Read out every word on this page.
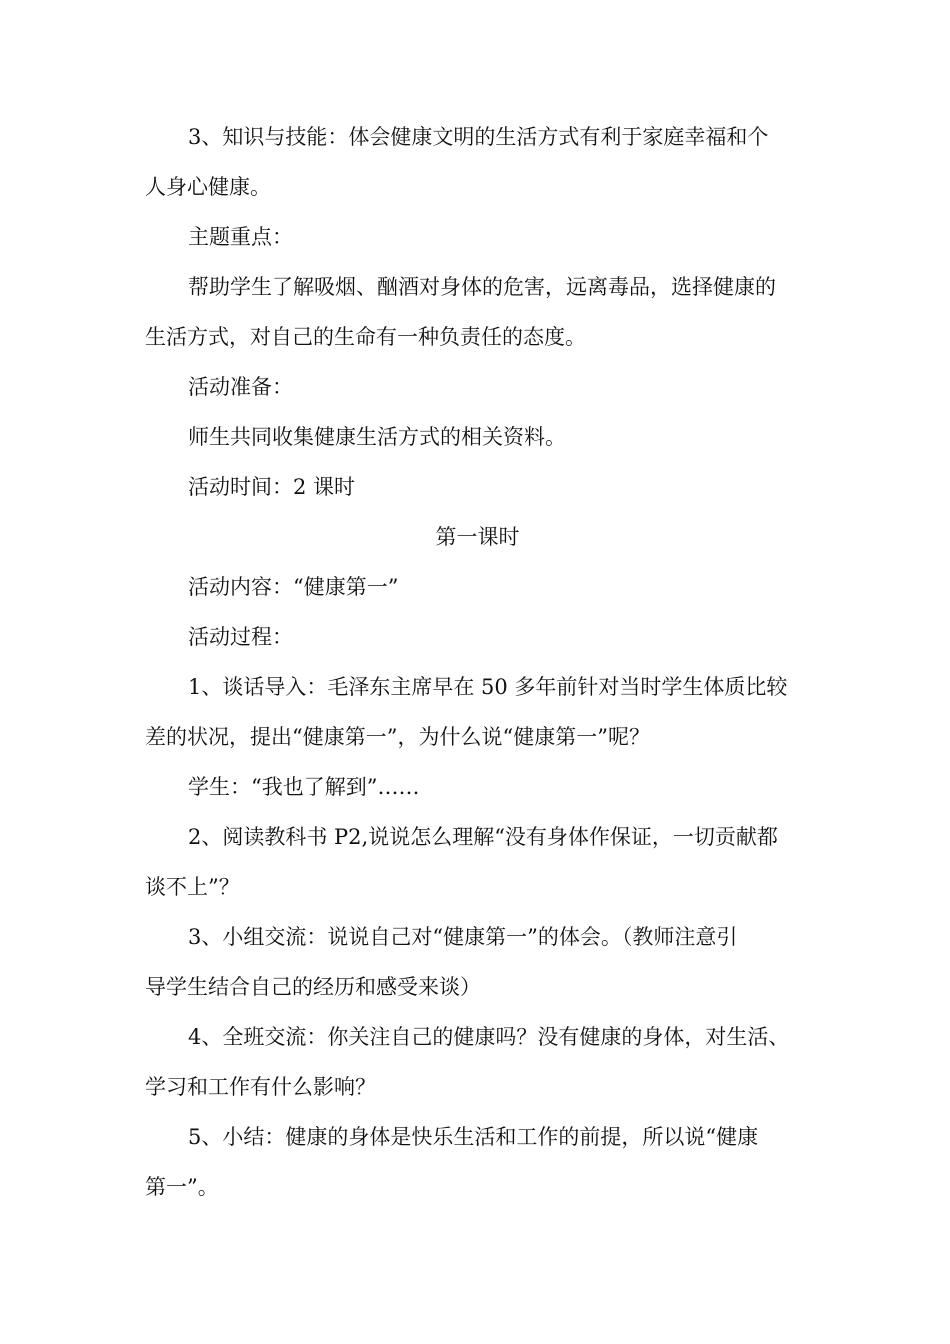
3、知识与技能：体会健康文明的生活方式有利于家庭幸福和个
人身心健康。
主题重点：
帮助学生了解吸烟、酗酒对身体的危害，远离毒品，选择健康的
生活方式，对自己的生命有一种负责任的态度。
活动准备：
师生共同收集健康生活方式的相关资料。
活动时间：2 课时
第一课时
活动内容：“健康第一”
活动过程：
1、谈话导入：毛泽东主席早在 50 多年前针对当时学生体质比较
差的状况，提出“健康第一”，为什么说“健康第一”呢？
学生：“我也了解到”……
2、阅读教科书 P2,说说怎么理解“没有身体作保证，一切贡献都
谈不上”？
3、小组交流：说说自己对“健康第一”的体会。（教师注意引
导学生结合自己的经历和感受来谈）
4、全班交流：你关注自己的健康吗？没有健康的身体，对生活、
学习和工作有什么影响？
5、小结：健康的身体是快乐生活和工作的前提，所以说“健康
第一”。
